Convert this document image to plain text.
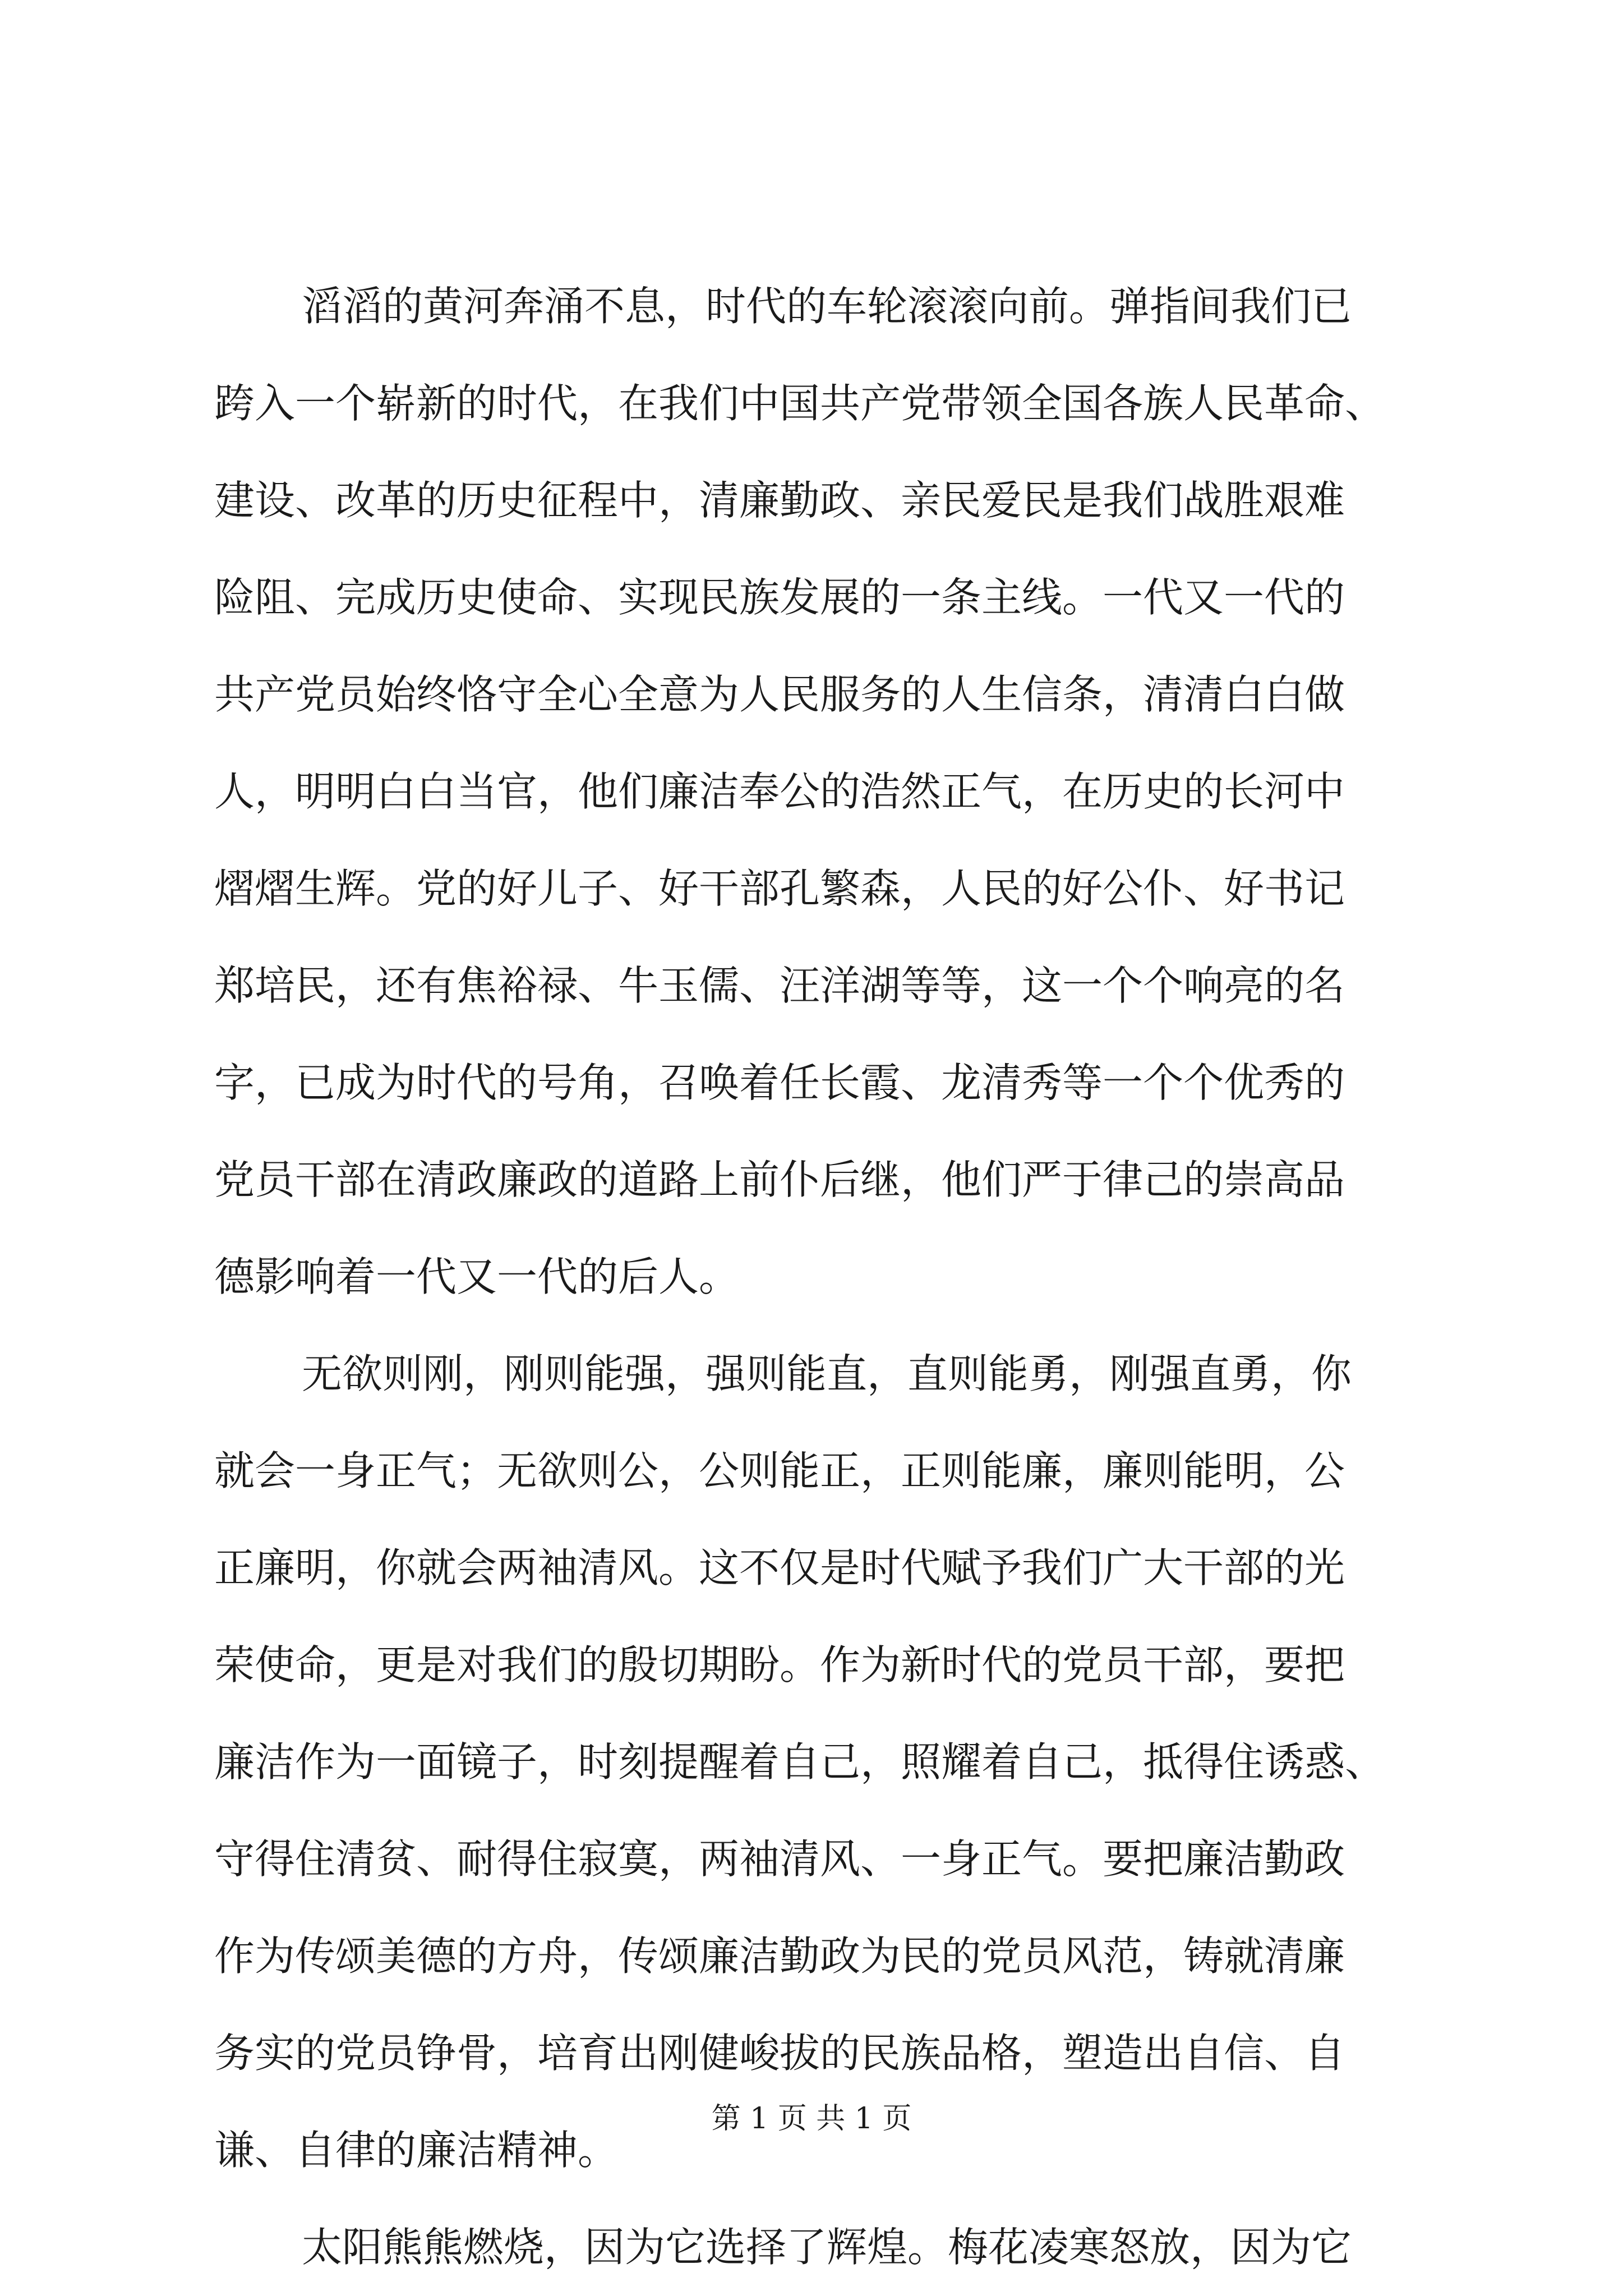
滔滔的黄河奔涌不息，时代的车轮滚滚向前。弹指间我们已
跨入一个崭新的时代，在我们中国共产党带领全国各族人民革命、
建设、改革的历史征程中，清廉勤政、亲民爱民是我们战胜艰难
险阻、完成历史使命、实现民族发展的一条主线。一代又一代的
共产党员始终恪守全心全意为人民服务的人生信条，清清白白做
人，明明白白当官，他们廉洁奉公的浩然正气，在历史的长河中
熠熠生辉。党的好儿子、好干部孔繁森，人民的好公仆、好书记
郑培民，还有焦裕禄、牛玉儒、汪洋湖等等，这一个个响亮的名
字，已成为时代的号角，召唤着任长霞、龙清秀等一个个优秀的
党员干部在清政廉政的道路上前仆后继，他们严于律己的崇高品
德影响着一代又一代的后人。
无欲则刚，刚则能强，强则能直，直则能勇，刚强直勇，你
就会一身正气；无欲则公，公则能正，正则能廉，廉则能明，公
正廉明，你就会两袖清风。这不仅是时代赋予我们广大干部的光
荣使命，更是对我们的殷切期盼。作为新时代的党员干部，要把
廉洁作为一面镜子，时刻提醒着自己，照耀着自己，抵得住诱惑、
守得住清贫、耐得住寂寞，两袖清风、一身正气。要把廉洁勤政
作为传颂美德的方舟，传颂廉洁勤政为民的党员风范，铸就清廉
务实的党员铮骨，培育出刚健峻拔的民族品格，塑造出自信、自
谦、自律的廉洁精神。
太阳熊熊燃烧，因为它选择了辉煌。梅花凌寒怒放，因为它
第 1 页 共 1 页
